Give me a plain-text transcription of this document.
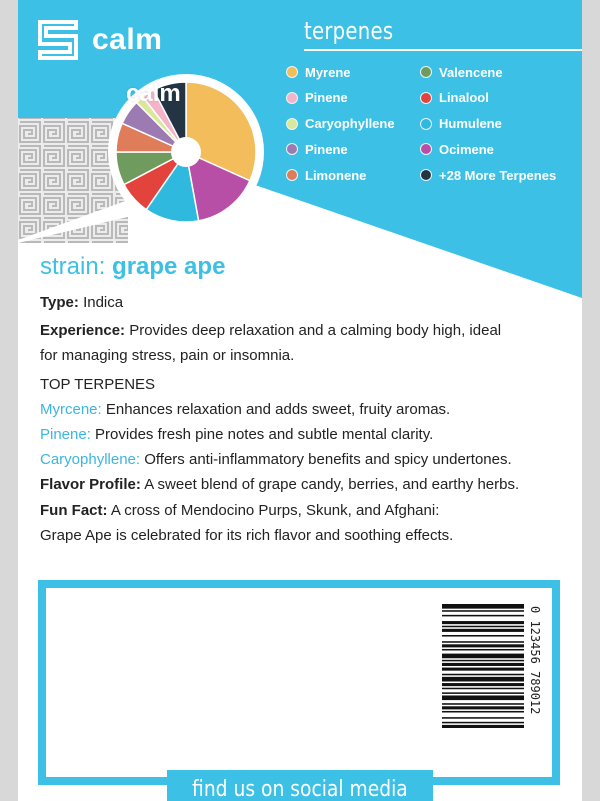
calm
calm
terpenes
Myrene
Pinene
Caryophyllene
Pinene
Limonene
Valencene
Linalool
Humulene
Ocimene
+28 More Terpenes
strain: grape ape
Type: Indica
Experience: Provides deep relaxation and a calming body high, ideal for managing stress, pain or insomnia.
TOP TERPENES
Myrcene: Enhances relaxation and adds sweet, fruity aromas.
Pinene: Provides fresh pine notes and subtle mental clarity.
Caryophyllene: Offers anti-inflammatory benefits and spicy undertones.
Flavor Profile: A sweet blend of grape candy, berries, and earthy herbs.
Fun Fact: A cross of Mendocino Purps, Skunk, and Afghani: Grape Ape is celebrated for its rich flavor and soothing effects.
0 123456 789012
find us on social media
